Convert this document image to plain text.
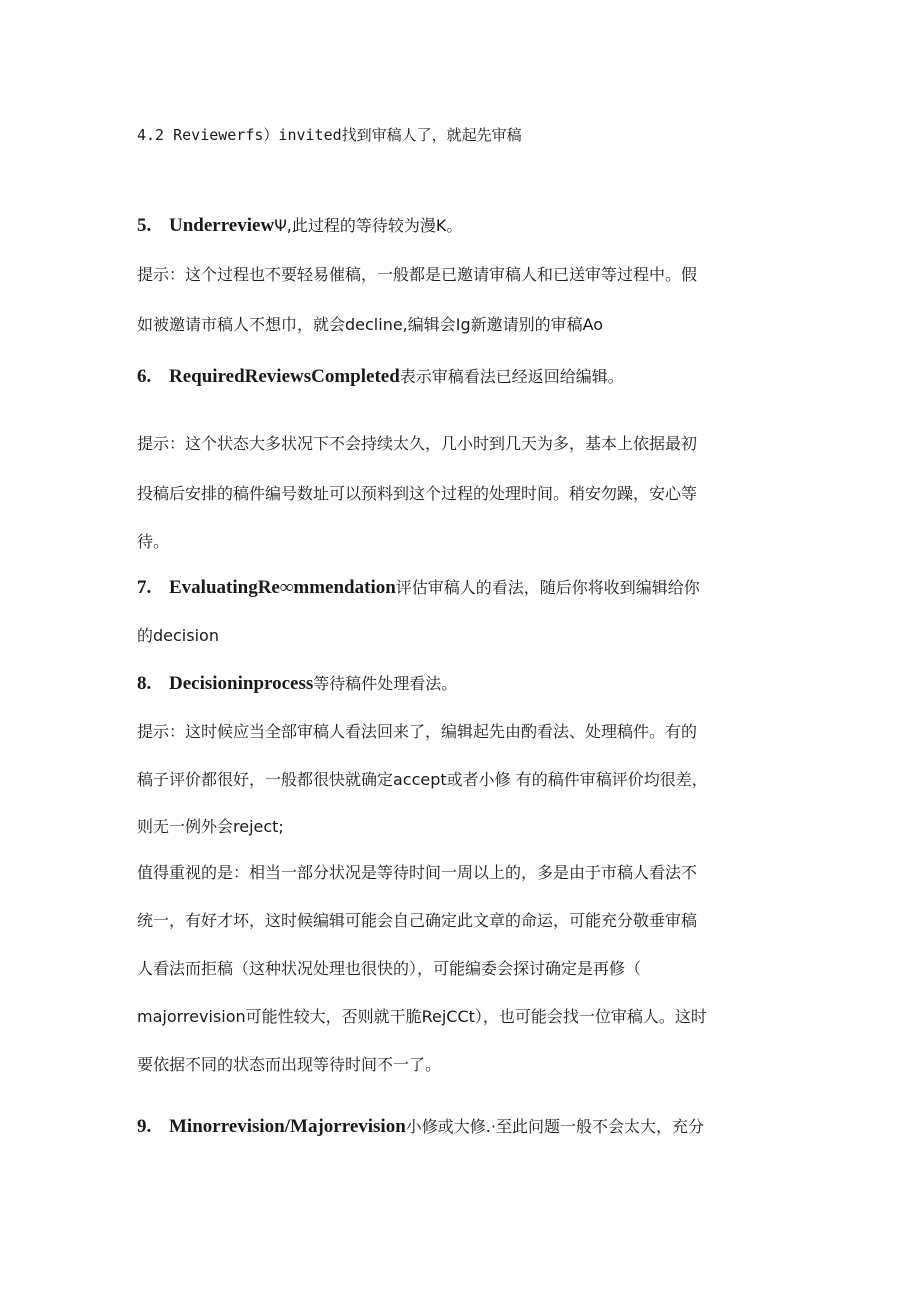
4.2 Reviewerfs）invited找到审稿人了，就起先审稿
5. UnderreviewΨ,此过程的等待较为漫K。
提示：这个过程也不要轻易催稿，一般都是已邀请审稿人和已送审等过程中。假
如被邀请市稿人不想巾，就会decline,编辑会Ig新邀请别的审稿Ao
6. RequiredReviewsCompleted表示审稿看法已经返回给编辑。
提示：这个状态大多状况下不会持续太久，几小时到几天为多，基本上依据最初
投稿后安排的稿件编号数址可以预料到这个过程的处理时间。稍安勿躁，安心等
待。
7. EvaluatingRe∞mmendation评估审稿人的看法，随后你将收到编辑给你
的decision
8. Decisioninprocess等待稿件处理看法。
提示：这时候应当全部审稿人看法回来了，编辑起先由酌看法、处理稿件。有的
稿子评价都很好，一般都很快就确定accept或者小修 有的稿件审稿评价均很差，
则无一例外会reject;
值得重视的是：相当一部分状况是等待时间一周以上的，多是由于市稿人看法不
统一，有好才坏，这时候编辑可能会自己确定此文章的命运，可能充分敬垂审稿
人看法而拒稿（这种状况处理也很快的），可能编委会探讨确定是再修（
majorrevision可能性较大，否则就干脆RejCCt），也可能会找一位审稿人。这时
要依据不同的状态而出现等待时间不一了。
9. Minorrevision/Majorrevision小修或大修.·至此问题一般不会太大，充分
